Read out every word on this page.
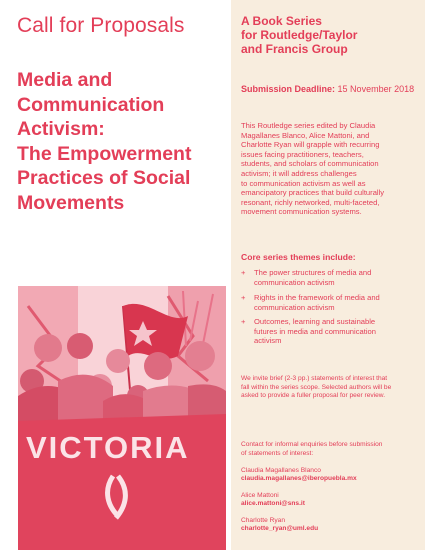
Call for Proposals
Media and
Communication
Activism:
The Empowerment
Practices of Social
Movements
VICTORIA
A Book Series
for Routledge/Taylor
and Francis Group
Submission Deadline: 15 November 2018
This Routledge series edited by Claudia
Magallanes Blanco, Alice Mattoni, and
Charlotte Ryan will grapple with recurring
issues facing practitioners, teachers,
students, and scholars of communication
activism; it will address challenges
to communication activism as well as
emancipatory practices that build culturally
resonant, richly networked, multi-faceted,
movement communication systems.
Core series themes include:
+ The power structures of media and
communication activism
+ Rights in the framework of media and
communication activism
+ Outcomes, learning and sustainable
futures in media and communication
activism
We invite brief (2-3 pp.) statements of interest that
fall within the series scope. Selected authors will be
asked to provide a fuller proposal for peer review.
Contact for informal enquiries before submission
of statements of interest:
Claudia Magallanes Blanco
claudia.magallanes@iberopuebla.mx
Alice Mattoni
alice.mattoni@sns.it
Charlotte Ryan
charlotte_ryan@uml.edu
